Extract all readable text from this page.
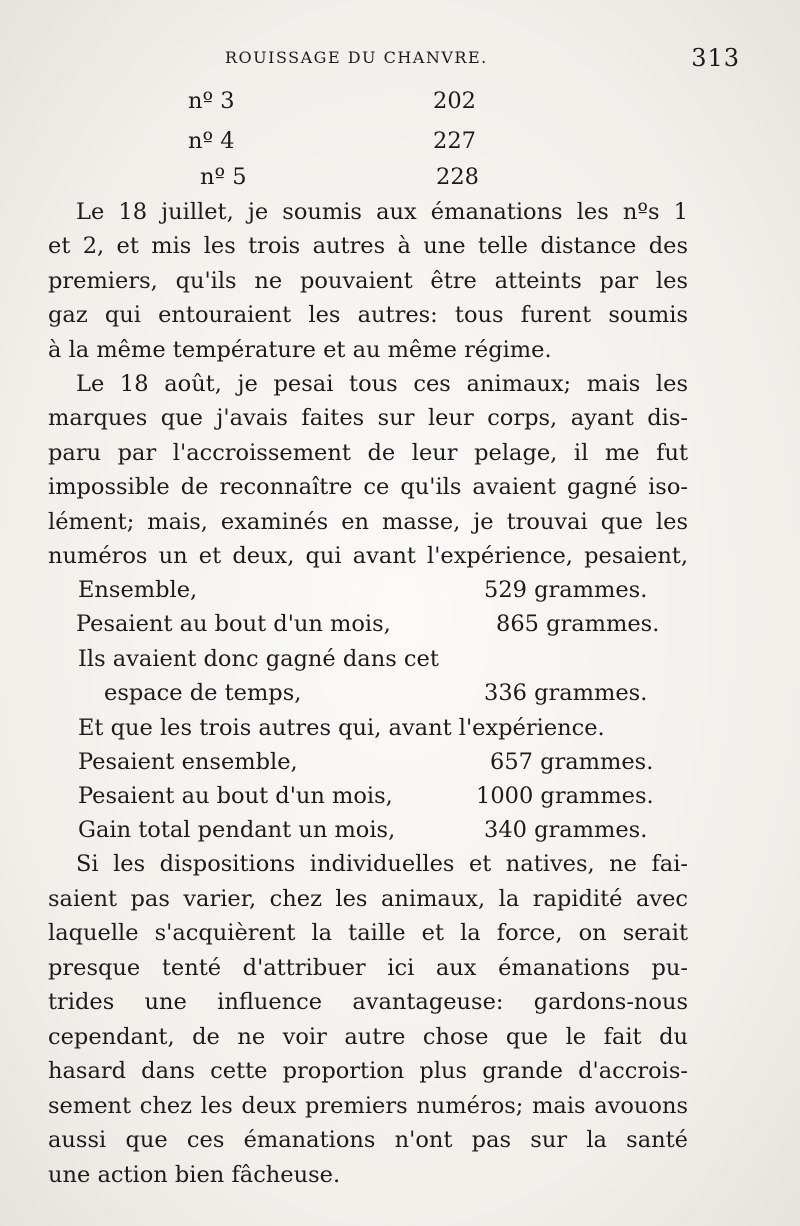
ROUISSAGE DU CHANVRE.	313
nº 3	202
nº 4	227
nº 5	228
Le 18 juillet, je soumis aux émanations les nºs 1
et 2, et mis les trois autres à une telle distance des
premiers, qu'ils ne pouvaient être atteints par les
gaz qui entouraient les autres: tous furent soumis
à la même température et au même régime.
Le 18 août, je pesai tous ces animaux; mais les
marques que j'avais faites sur leur corps, ayant dis-
paru par l'accroissement de leur pelage, il me fut
impossible de reconnaître ce qu'ils avaient gagné iso-
lément; mais, examinés en masse, je trouvai que les
numéros un et deux, qui avant l'expérience, pesaient,
Ensemble,	529 grammes.
Pesaient au bout d'un mois,	865 grammes.
Ils avaient donc gagné dans cet
espace de temps,	336 grammes.
Et que les trois autres qui, avant l'expérience.
Pesaient ensemble,	657 grammes.
Pesaient au bout d'un mois,	1000 grammes.
Gain total pendant un mois,	340 grammes.
Si les dispositions individuelles et natives, ne fai-
saient pas varier, chez les animaux, la rapidité avec
laquelle s'acquièrent la taille et la force, on serait
presque tenté d'attribuer ici aux émanations pu-
trides une influence avantageuse: gardons-nous
cependant, de ne voir autre chose que le fait du
hasard dans cette proportion plus grande d'accrois-
sement chez les deux premiers numéros; mais avouons
aussi que ces émanations n'ont pas sur la santé
une action bien fâcheuse.
